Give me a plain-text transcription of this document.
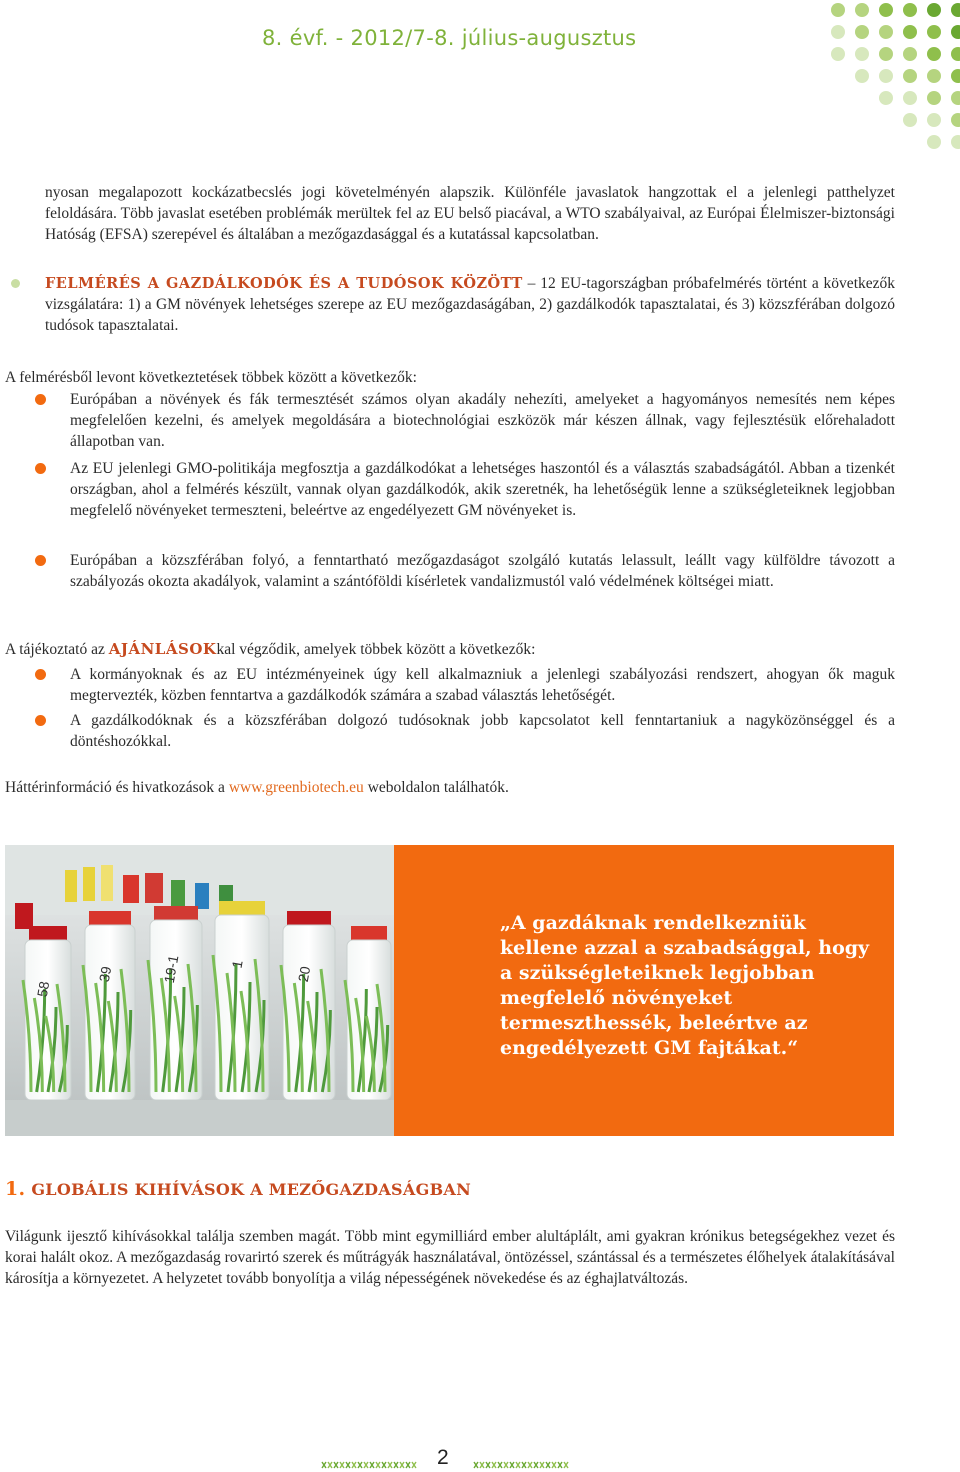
8. évf. - 2012/7-8. július-augusztus

nyosan megalapozott kockázatbecslés jogi követelményén alapszik. Különféle javaslatok hangzottak el a jelenlegi patthelyzet feloldására. Több javaslat esetében problémák merültek fel az EU belső piacával, a WTO szabályaival, az Európai Élelmiszer-biztonsági Hatóság (EFSA) szerepével és általában a mezőgazdasággal és a kutatással kapcsolatban.

FELMÉRÉS A GAZDÁLKODÓK ÉS A TUDÓSOK KÖZÖTT – 12 EU-tagországban próbafelmérés történt a következők vizsgálatára: 1) a GM növények lehetséges szerepe az EU mezőgazdaságában, 2) gazdálkodók tapasztalatai, és 3) közszférában dolgozó tudósok tapasztalatai.

A felmérésből levont következtetések többek között a következők:

Európában a növények és fák termesztését számos olyan akadály nehezíti, amelyeket a hagyományos nemesítés nem képes megfelelően kezelni, és amelyek megoldására a biotechnológiai eszközök már készen állnak, vagy fejlesztésük előrehaladott állapotban van.
Az EU jelenlegi GMO-politikája megfosztja a gazdálkodókat a lehetséges haszontól és a választás szabadságától. Abban a tizenkét országban, ahol a felmérés készült, vannak olyan gazdálkodók, akik szeretnék, ha lehetőségük lenne a szükségleteiknek legjobban megfelelő növényeket termeszteni, beleértve az engedélyezett GM növényeket is.
Európában a közszférában folyó, a fenntartható mezőgazdaságot szolgáló kutatás lelassult, leállt vagy külföldre távozott a szabályozás okozta akadályok, valamint a szántóföldi kísérletek vandalizmustól való védelmének költségei miatt.

A tájékoztató az AJÁNLÁSOKkal végződik, amelyek többek között a következők:

A kormányoknak és az EU intézményeinek úgy kell alkalmazniuk a jelenlegi szabályozási rendszert, ahogyan ők maguk megtervezték, közben fenntartva a gazdálkodók számára a szabad választás lehetőségét.
A gazdálkodóknak és a közszférában dolgozó tudósoknak jobb kapcsolatot kell fenntartaniuk a nagyközönséggel és a döntéshozókkal.

Háttérinformáció és hivatkozások a www.greenbiotech.eu weboldalon találhatók.

58
39	19-1	1
20

„A gazdáknak rendelkezniük kellene azzal a szabadsággal, hogy a szükségleteiknek legjobban megfelelő növényeket termeszthessék, beleértve az engedélyezett GM fajtákat.“

1. GLOBÁLIS KIHÍVÁSOK A MEZŐGAZDASÁGBAN

Világunk ijesztő kihívásokkal találja szemben magát. Több mint egymilliárd ember alultáplált, ami gyakran krónikus betegségekhez vezet és korai halált okoz. A mezőgazdaság rovarirtó szerek és műtrágyák használatával, öntözéssel, szántással és a természetes élőhelyek átalakításával károsítja a környezetet. A helyzetet tovább bonyolítja a világ népességének növekedése és az éghajlatváltozás.

2
